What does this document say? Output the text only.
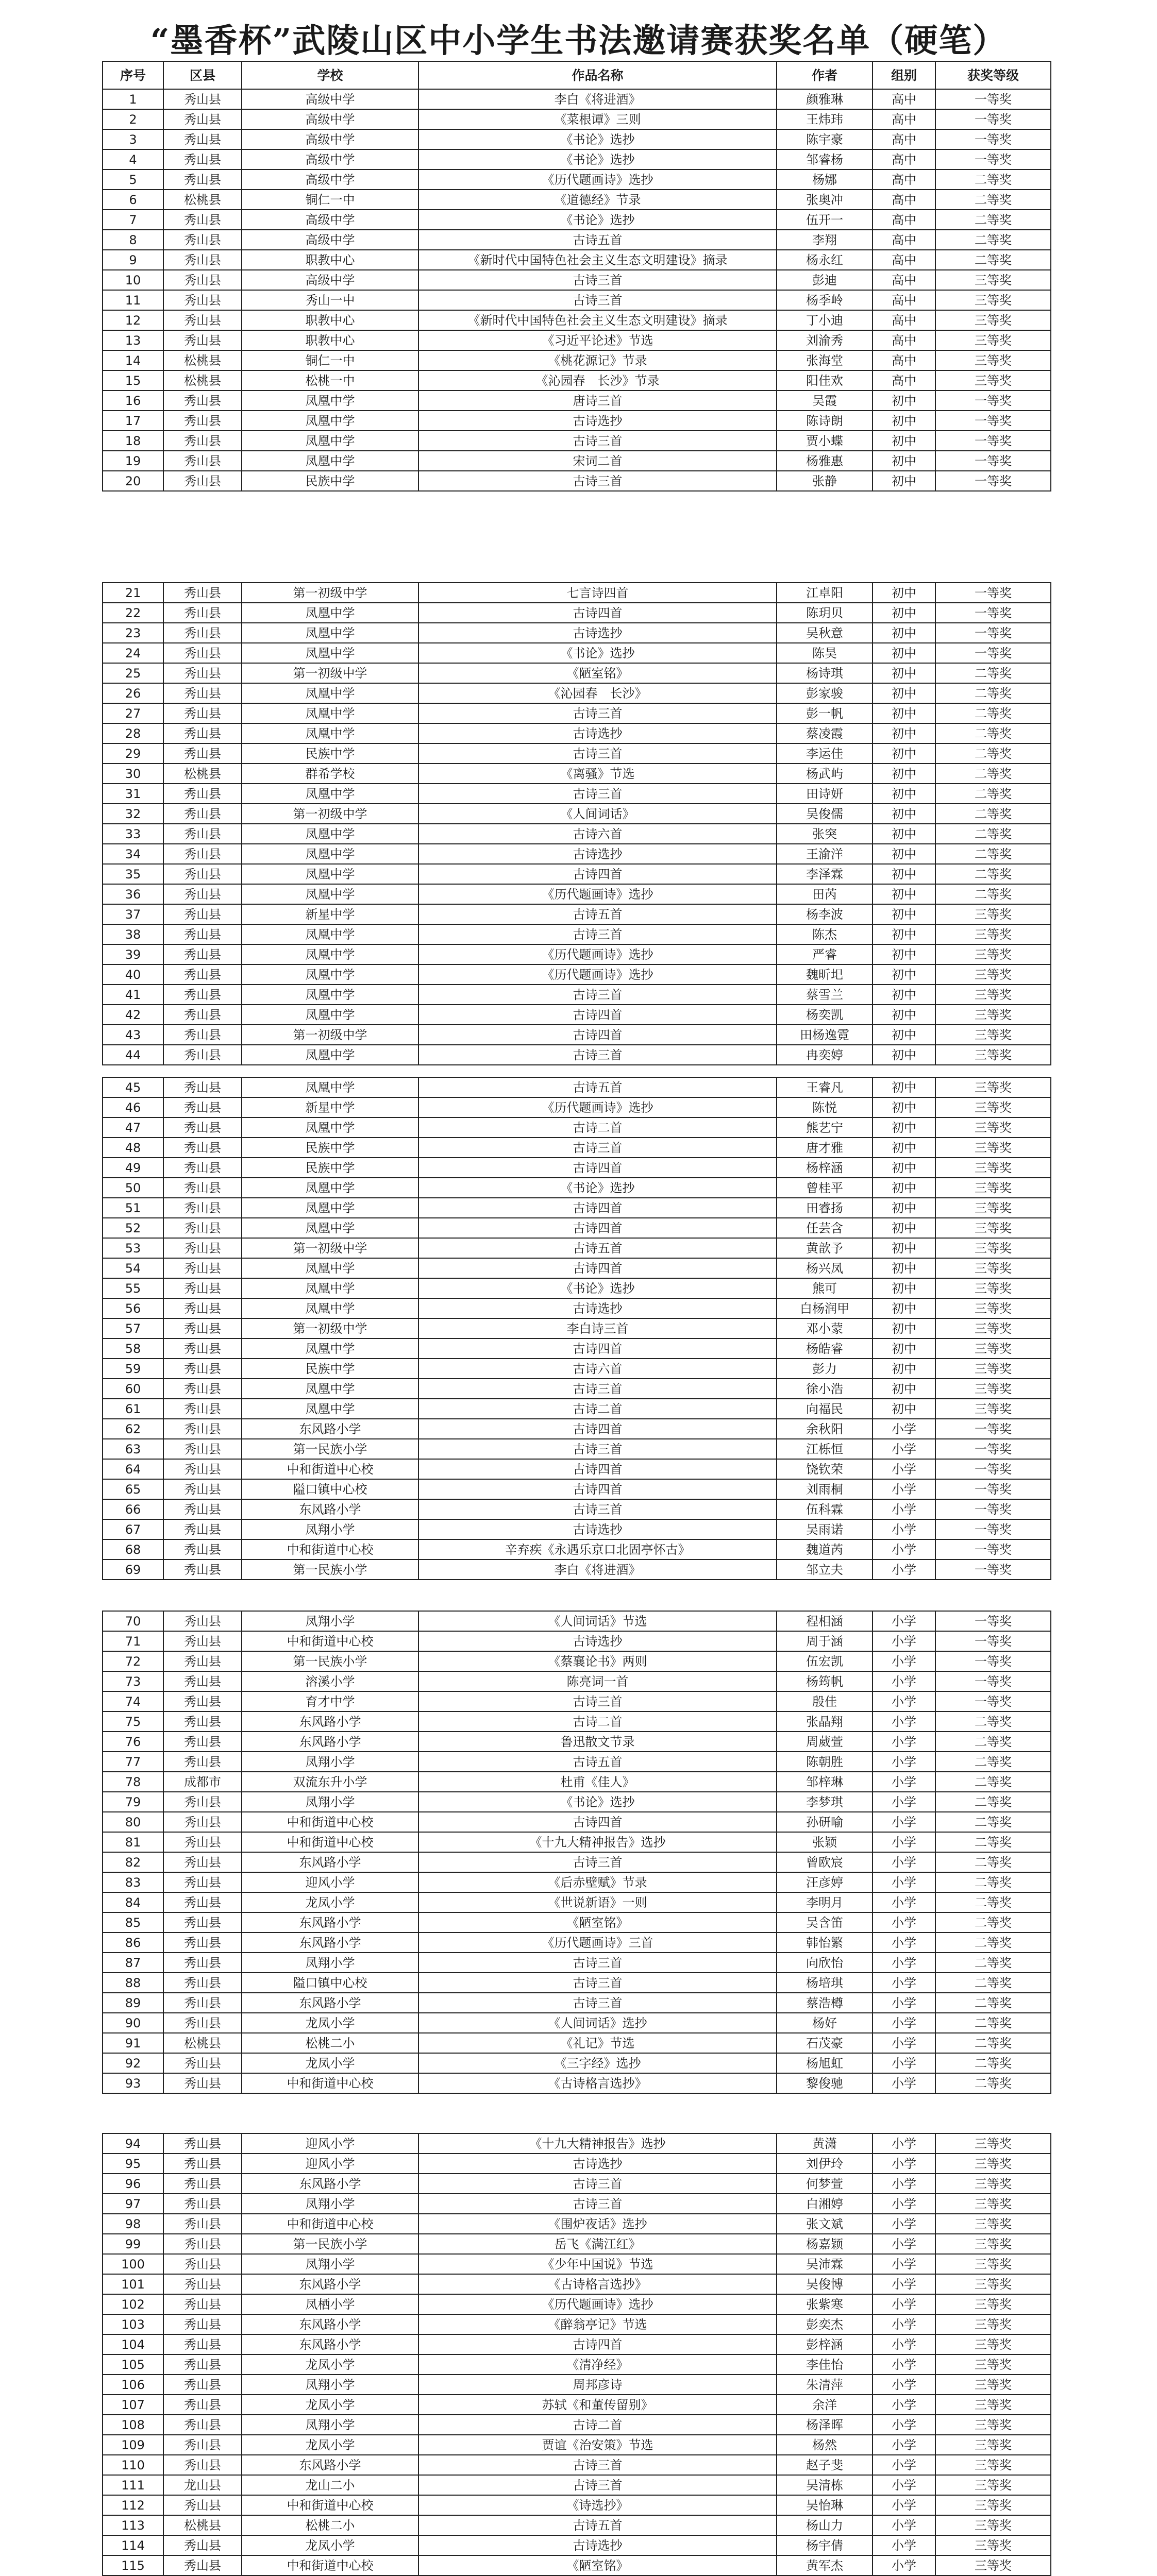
“墨香杯”武陵山区中小学生书法邀请赛获奖名单（硬笔）
序号	区县	学校	作品名称	作者	组别	获奖等级
1	秀山县	高级中学	李白《将进酒》	颜雅琳	高中	一等奖
2	秀山县	高级中学	《菜根谭》三则	王炜玮	高中	一等奖
3	秀山县	高级中学	《书论》选抄	陈宇豪	高中	一等奖
4	秀山县	高级中学	《书论》选抄	邹睿杨	高中	一等奖
5	秀山县	高级中学	《历代题画诗》选抄	杨娜	高中	二等奖
6	松桃县	铜仁一中	《道德经》节录	张奥冲	高中	二等奖
7	秀山县	高级中学	《书论》选抄	伍开一	高中	二等奖
8	秀山县	高级中学	古诗五首	李翔	高中	二等奖
9	秀山县	职教中心	《新时代中国特色社会主义生态文明建设》摘录	杨永红	高中	二等奖
10	秀山县	高级中学	古诗三首	彭迪	高中	三等奖
11	秀山县	秀山一中	古诗三首	杨季岭	高中	三等奖
12	秀山县	职教中心	《新时代中国特色社会主义生态文明建设》摘录	丁小迪	高中	三等奖
13	秀山县	职教中心	《习近平论述》节选	刘渝秀	高中	三等奖
14	松桃县	铜仁一中	《桃花源记》节录	张海堂	高中	三等奖
15	松桃县	松桃一中	《沁园春　长沙》节录	阳佳欢	高中	三等奖
16	秀山县	凤凰中学	唐诗三首	吴霞	初中	一等奖
17	秀山县	凤凰中学	古诗选抄	陈诗朗	初中	一等奖
18	秀山县	凤凰中学	古诗三首	贾小蝶	初中	一等奖
19	秀山县	凤凰中学	宋词二首	杨雅惠	初中	一等奖
20	秀山县	民族中学	古诗三首	张静	初中	一等奖
21	秀山县	第一初级中学	七言诗四首	江卓阳	初中	一等奖
22	秀山县	凤凰中学	古诗四首	陈玥贝	初中	一等奖
23	秀山县	凤凰中学	古诗选抄	吴秋意	初中	一等奖
24	秀山县	凤凰中学	《书论》选抄	陈昊	初中	一等奖
25	秀山县	第一初级中学	《陋室铭》	杨诗琪	初中	二等奖
26	秀山县	凤凰中学	《沁园春　长沙》	彭家骏	初中	二等奖
27	秀山县	凤凰中学	古诗三首	彭一帆	初中	二等奖
28	秀山县	凤凰中学	古诗选抄	蔡凌霞	初中	二等奖
29	秀山县	民族中学	古诗三首	李运佳	初中	二等奖
30	松桃县	群希学校	《离骚》节选	杨武屿	初中	二等奖
31	秀山县	凤凰中学	古诗三首	田诗妍	初中	二等奖
32	秀山县	第一初级中学	《人间词话》	吴俊儒	初中	二等奖
33	秀山县	凤凰中学	古诗六首	张突	初中	二等奖
34	秀山县	凤凰中学	古诗选抄	王渝洋	初中	二等奖
35	秀山县	凤凰中学	古诗四首	李泽霖	初中	二等奖
36	秀山县	凤凰中学	《历代题画诗》选抄	田芮	初中	二等奖
37	秀山县	新星中学	古诗五首	杨李波	初中	三等奖
38	秀山县	凤凰中学	古诗三首	陈杰	初中	三等奖
39	秀山县	凤凰中学	《历代题画诗》选抄	严睿	初中	三等奖
40	秀山县	凤凰中学	《历代题画诗》选抄	魏昕圯	初中	三等奖
41	秀山县	凤凰中学	古诗三首	蔡雪兰	初中	三等奖
42	秀山县	凤凰中学	古诗四首	杨奕凯	初中	三等奖
43	秀山县	第一初级中学	古诗四首	田杨逸霓	初中	三等奖
44	秀山县	凤凰中学	古诗三首	冉奕婷	初中	三等奖
45	秀山县	凤凰中学	古诗五首	王睿凡	初中	三等奖
46	秀山县	新星中学	《历代题画诗》选抄	陈悦	初中	三等奖
47	秀山县	凤凰中学	古诗二首	熊艺宁	初中	三等奖
48	秀山县	民族中学	古诗三首	唐才雅	初中	三等奖
49	秀山县	民族中学	古诗四首	杨梓涵	初中	三等奖
50	秀山县	凤凰中学	《书论》选抄	曾桂平	初中	三等奖
51	秀山县	凤凰中学	古诗四首	田睿扬	初中	三等奖
52	秀山县	凤凰中学	古诗四首	任芸含	初中	三等奖
53	秀山县	第一初级中学	古诗五首	黄歆予	初中	三等奖
54	秀山县	凤凰中学	古诗四首	杨兴凤	初中	三等奖
55	秀山县	凤凰中学	《书论》选抄	熊可	初中	三等奖
56	秀山县	凤凰中学	古诗选抄	白杨润甲	初中	三等奖
57	秀山县	第一初级中学	李白诗三首	邓小蒙	初中	三等奖
58	秀山县	凤凰中学	古诗四首	杨皓睿	初中	三等奖
59	秀山县	民族中学	古诗六首	彭力	初中	三等奖
60	秀山县	凤凰中学	古诗三首	徐小浩	初中	三等奖
61	秀山县	凤凰中学	古诗二首	向福民	初中	三等奖
62	秀山县	东风路小学	古诗四首	余秋阳	小学	一等奖
63	秀山县	第一民族小学	古诗三首	江栎恒	小学	一等奖
64	秀山县	中和街道中心校	古诗四首	饶钦荣	小学	一等奖
65	秀山县	隘口镇中心校	古诗四首	刘雨桐	小学	一等奖
66	秀山县	东风路小学	古诗三首	伍科霖	小学	一等奖
67	秀山县	凤翔小学	古诗选抄	吴雨诺	小学	一等奖
68	秀山县	中和街道中心校	辛弃疾《永遇乐京口北固亭怀古》	魏道芮	小学	一等奖
69	秀山县	第一民族小学	李白《将进酒》	邹立夫	小学	一等奖
70	秀山县	凤翔小学	《人间词话》节选	程相涵	小学	一等奖
71	秀山县	中和街道中心校	古诗选抄	周于涵	小学	一等奖
72	秀山县	第一民族小学	《蔡襄论书》两则	伍宏凯	小学	一等奖
73	秀山县	溶溪小学	陈亮词一首	杨筠帆	小学	一等奖
74	秀山县	育才中学	古诗三首	殷佳	小学	一等奖
75	秀山县	东风路小学	古诗二首	张晶翔	小学	二等奖
76	秀山县	东风路小学	鲁迅散文节录	周葳萱	小学	二等奖
77	秀山县	凤翔小学	古诗五首	陈朝胜	小学	二等奖
78	成都市	双流东升小学	杜甫《佳人》	邹梓琳	小学	二等奖
79	秀山县	凤翔小学	《书论》选抄	李梦琪	小学	二等奖
80	秀山县	中和街道中心校	古诗四首	孙研喻	小学	二等奖
81	秀山县	中和街道中心校	《十九大精神报告》选抄	张颖	小学	二等奖
82	秀山县	东风路小学	古诗三首	曾欧宸	小学	二等奖
83	秀山县	迎风小学	《后赤壁赋》节录	汪彦婷	小学	二等奖
84	秀山县	龙凤小学	《世说新语》一则	李明月	小学	二等奖
85	秀山县	东风路小学	《陋室铭》	吴含笛	小学	二等奖
86	秀山县	东风路小学	《历代题画诗》三首	韩怡繁	小学	二等奖
87	秀山县	凤翔小学	古诗三首	向欣怡	小学	二等奖
88	秀山县	隘口镇中心校	古诗三首	杨培琪	小学	二等奖
89	秀山县	东风路小学	古诗三首	蔡浩樽	小学	二等奖
90	秀山县	龙凤小学	《人间词话》选抄	杨好	小学	二等奖
91	松桃县	松桃二小	《礼记》节选	石茂豪	小学	二等奖
92	秀山县	龙凤小学	《三字经》选抄	杨旭虹	小学	二等奖
93	秀山县	中和街道中心校	《古诗格言选抄》	黎俊驰	小学	二等奖
94	秀山县	迎风小学	《十九大精神报告》选抄	黄潇	小学	三等奖
95	秀山县	迎风小学	古诗选抄	刘伊玲	小学	三等奖
96	秀山县	东风路小学	古诗三首	何梦萱	小学	三等奖
97	秀山县	凤翔小学	古诗三首	白湘婷	小学	三等奖
98	秀山县	中和街道中心校	《围炉夜话》选抄	张文斌	小学	三等奖
99	秀山县	第一民族小学	岳飞《满江红》	杨嘉颖	小学	三等奖
100	秀山县	凤翔小学	《少年中国说》节选	吴沛霖	小学	三等奖
101	秀山县	东风路小学	《古诗格言选抄》	吴俊博	小学	三等奖
102	秀山县	凤栖小学	《历代题画诗》选抄	张紫寒	小学	三等奖
103	秀山县	东风路小学	《醉翁亭记》节选	彭奕杰	小学	三等奖
104	秀山县	东风路小学	古诗四首	彭梓涵	小学	三等奖
105	秀山县	龙凤小学	《清净经》	李佳怡	小学	三等奖
106	秀山县	凤翔小学	周邦彦诗	朱清萍	小学	三等奖
107	秀山县	龙凤小学	苏轼《和董传留别》	余洋	小学	三等奖
108	秀山县	凤翔小学	古诗二首	杨泽晖	小学	三等奖
109	秀山县	龙凤小学	贾谊《治安策》节选	杨然	小学	三等奖
110	秀山县	东风路小学	古诗三首	赵子斐	小学	三等奖
111	龙山县	龙山二小	古诗三首	吴清栋	小学	三等奖
112	秀山县	中和街道中心校	《诗选抄》	吴怡琳	小学	三等奖
113	松桃县	松桃二小	古诗五首	杨山力	小学	三等奖
114	秀山县	龙凤小学	古诗选抄	杨宇倩	小学	三等奖
115	秀山县	中和街道中心校	《陋室铭》	黄军杰	小学	三等奖
